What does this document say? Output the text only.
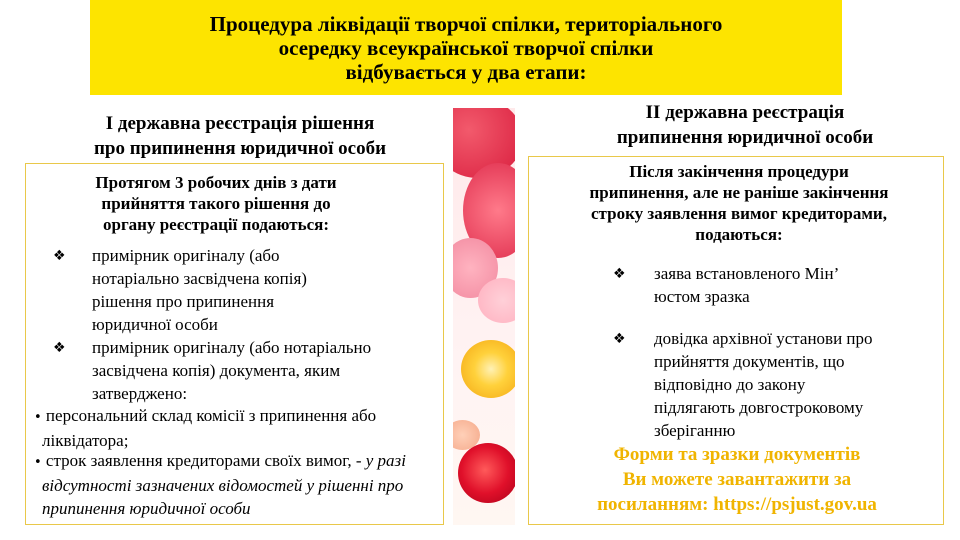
Процедура ліквідації творчої спілки, територіального
осередку всеукраїнської творчої спілки
відбувається у два етапи:
І державна реєстрація рішення
про припинення юридичної особи
ІІ державна реєстрація
припинення юридичної особи
Протягом 3 робочих днів з дати
прийняття такого рішення до
органу реєстрації подаються:
❖ примірник оригіналу (або
нотаріально засвідчена копія)
рішення про припинення
юридичної особи
❖ примірник оригіналу (або нотаріально
засвідчена копія) документа, яким
затверджено:
• персональний склад комісії з припинення або
ліквідатора;
• строк заявлення кредиторами своїх вимог, - у разі
відсутності зазначених відомостей у рішенні про
припинення юридичної особи
Після закінчення процедури
припинення, але не раніше закінчення
строку заявлення вимог кредиторами,
подаються:
❖ заява встановленого Мін’
юстом зразка
❖ довідка архівної установи про
прийняття документів, що
відповідно до закону
підлягають довгостроковому
зберіганню
Форми та зразки документів
Ви можете завантажити за
посиланням: https://psjust.gov.ua
